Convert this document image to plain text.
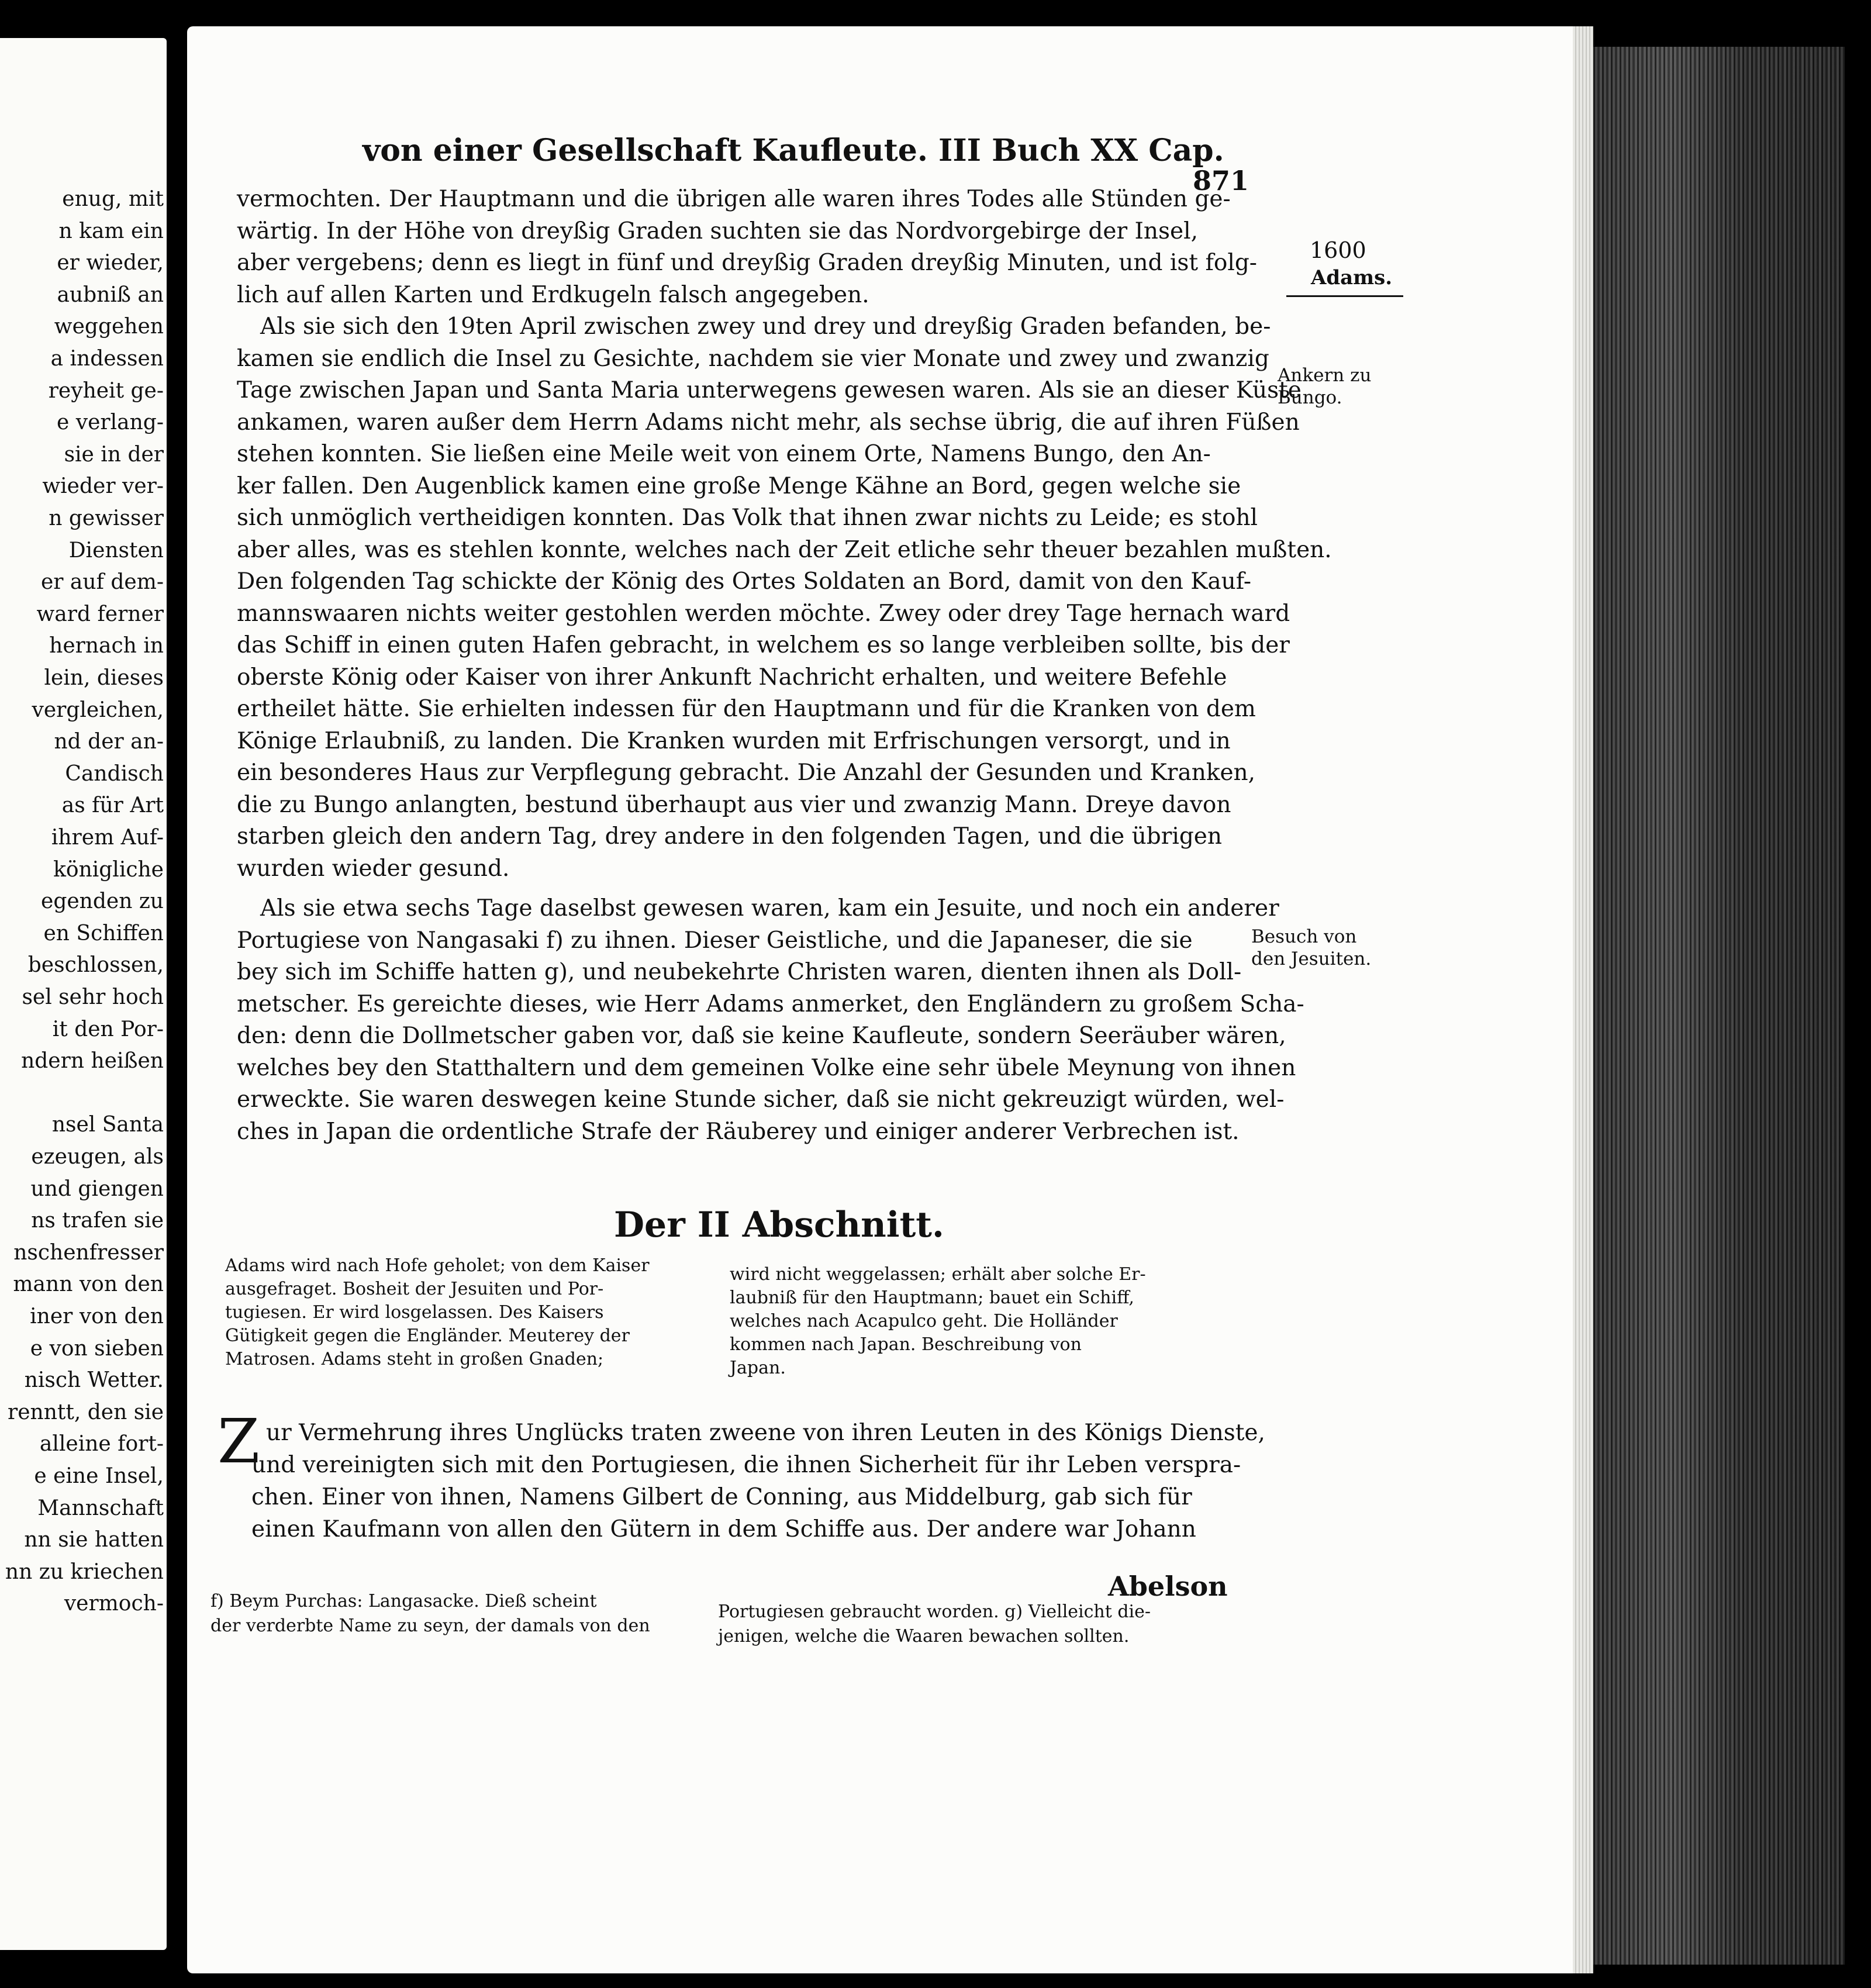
von einer Gesellschaft Kaufleute. III Buch XX Cap.
871
1600
Adams.
Ankern zu
Bungo.
Besuch von
den Jesuiten.
vermochten. Der Hauptmann und die übrigen alle waren ihres Todes alle Stünden ge-
wärtig. In der Höhe von dreyßig Graden suchten sie das Nordvorgebirge der Insel,
aber vergebens; denn es liegt in fünf und dreyßig Graden dreyßig Minuten, und ist folg-
lich auf allen Karten und Erdkugeln falsch angegeben.
Als sie sich den 19ten April zwischen zwey und drey und dreyßig Graden befanden, be-
kamen sie endlich die Insel zu Gesichte, nachdem sie vier Monate und zwey und zwanzig
Tage zwischen Japan und Santa Maria unterwegens gewesen waren. Als sie an dieser Küste
ankamen, waren außer dem Herrn Adams nicht mehr, als sechse übrig, die auf ihren Füßen
stehen konnten. Sie ließen eine Meile weit von einem Orte, Namens Bungo, den An-
ker fallen. Den Augenblick kamen eine große Menge Kähne an Bord, gegen welche sie
sich unmöglich vertheidigen konnten. Das Volk that ihnen zwar nichts zu Leide; es stohl
aber alles, was es stehlen konnte, welches nach der Zeit etliche sehr theuer bezahlen mußten.
Den folgenden Tag schickte der König des Ortes Soldaten an Bord, damit von den Kauf-
mannswaaren nichts weiter gestohlen werden möchte. Zwey oder drey Tage hernach ward
das Schiff in einen guten Hafen gebracht, in welchem es so lange verbleiben sollte, bis der
oberste König oder Kaiser von ihrer Ankunft Nachricht erhalten, und weitere Befehle
ertheilet hätte. Sie erhielten indessen für den Hauptmann und für die Kranken von dem
Könige Erlaubniß, zu landen. Die Kranken wurden mit Erfrischungen versorgt, und in
ein besonderes Haus zur Verpflegung gebracht. Die Anzahl der Gesunden und Kranken,
die zu Bungo anlangten, bestund überhaupt aus vier und zwanzig Mann. Dreye davon
starben gleich den andern Tag, drey andere in den folgenden Tagen, und die übrigen
wurden wieder gesund.
Als sie etwa sechs Tage daselbst gewesen waren, kam ein Jesuite, und noch ein anderer
Portugiese von Nangasaki f) zu ihnen. Dieser Geistliche, und die Japaneser, die sie
bey sich im Schiffe hatten g), und neubekehrte Christen waren, dienten ihnen als Doll-
metscher. Es gereichte dieses, wie Herr Adams anmerket, den Engländern zu großem Scha-
den: denn die Dollmetscher gaben vor, daß sie keine Kaufleute, sondern Seeräuber wären,
welches bey den Statthaltern und dem gemeinen Volke eine sehr übele Meynung von ihnen
erweckte. Sie waren deswegen keine Stunde sicher, daß sie nicht gekreuzigt würden, wel-
ches in Japan die ordentliche Strafe der Räuberey und einiger anderer Verbrechen ist.
Der II Abschnitt.
Adams wird nach Hofe geholet; von dem Kaiser
ausgefraget. Bosheit der Jesuiten und Por-
tugiesen. Er wird losgelassen. Des Kaisers
Gütigkeit gegen die Engländer. Meuterey der
Matrosen. Adams steht in großen Gnaden;
wird nicht weggelassen; erhält aber solche Er-
laubniß für den Hauptmann; bauet ein Schiff,
welches nach Acapulco geht. Die Holländer
kommen nach Japan. Beschreibung von
Japan.
Z ur Vermehrung ihres Unglücks traten zweene von ihren Leuten in des Königs Dienste,
und vereinigten sich mit den Portugiesen, die ihnen Sicherheit für ihr Leben verspra-
chen. Einer von ihnen, Namens Gilbert de Conning, aus Middelburg, gab sich für
einen Kaufmann von allen den Gütern in dem Schiffe aus. Der andere war Johann
Abelson
f) Beym Purchas: Langasacke. Dieß scheint
der verderbte Name zu seyn, der damals von den
Portugiesen gebraucht worden. g) Vielleicht die-
jenigen, welche die Waaren bewachen sollten.
enug, mit
n kam ein
er wieder,
aubniß an
weggehen
a indessen
reyheit ge-
e verlang-
sie in der
wieder ver-
n gewisser
Diensten
er auf dem-
ward ferner
hernach in
lein, dieses
vergleichen,
nd der an-
Candisch
as für Art
ihrem Auf-
königliche
egenden zu
en Schiffen
beschlossen,
sel sehr hoch
it den Por-
ndern heißen
nsel Santa
ezeugen, als
und giengen
ns trafen sie
nschenfresser
mann von den
iner von den
e von sieben
nisch Wetter.
renntt, den sie
alleine fort-
e eine Insel,
Mannschaft
nn sie hatten
nn zu kriechen
vermoch-
